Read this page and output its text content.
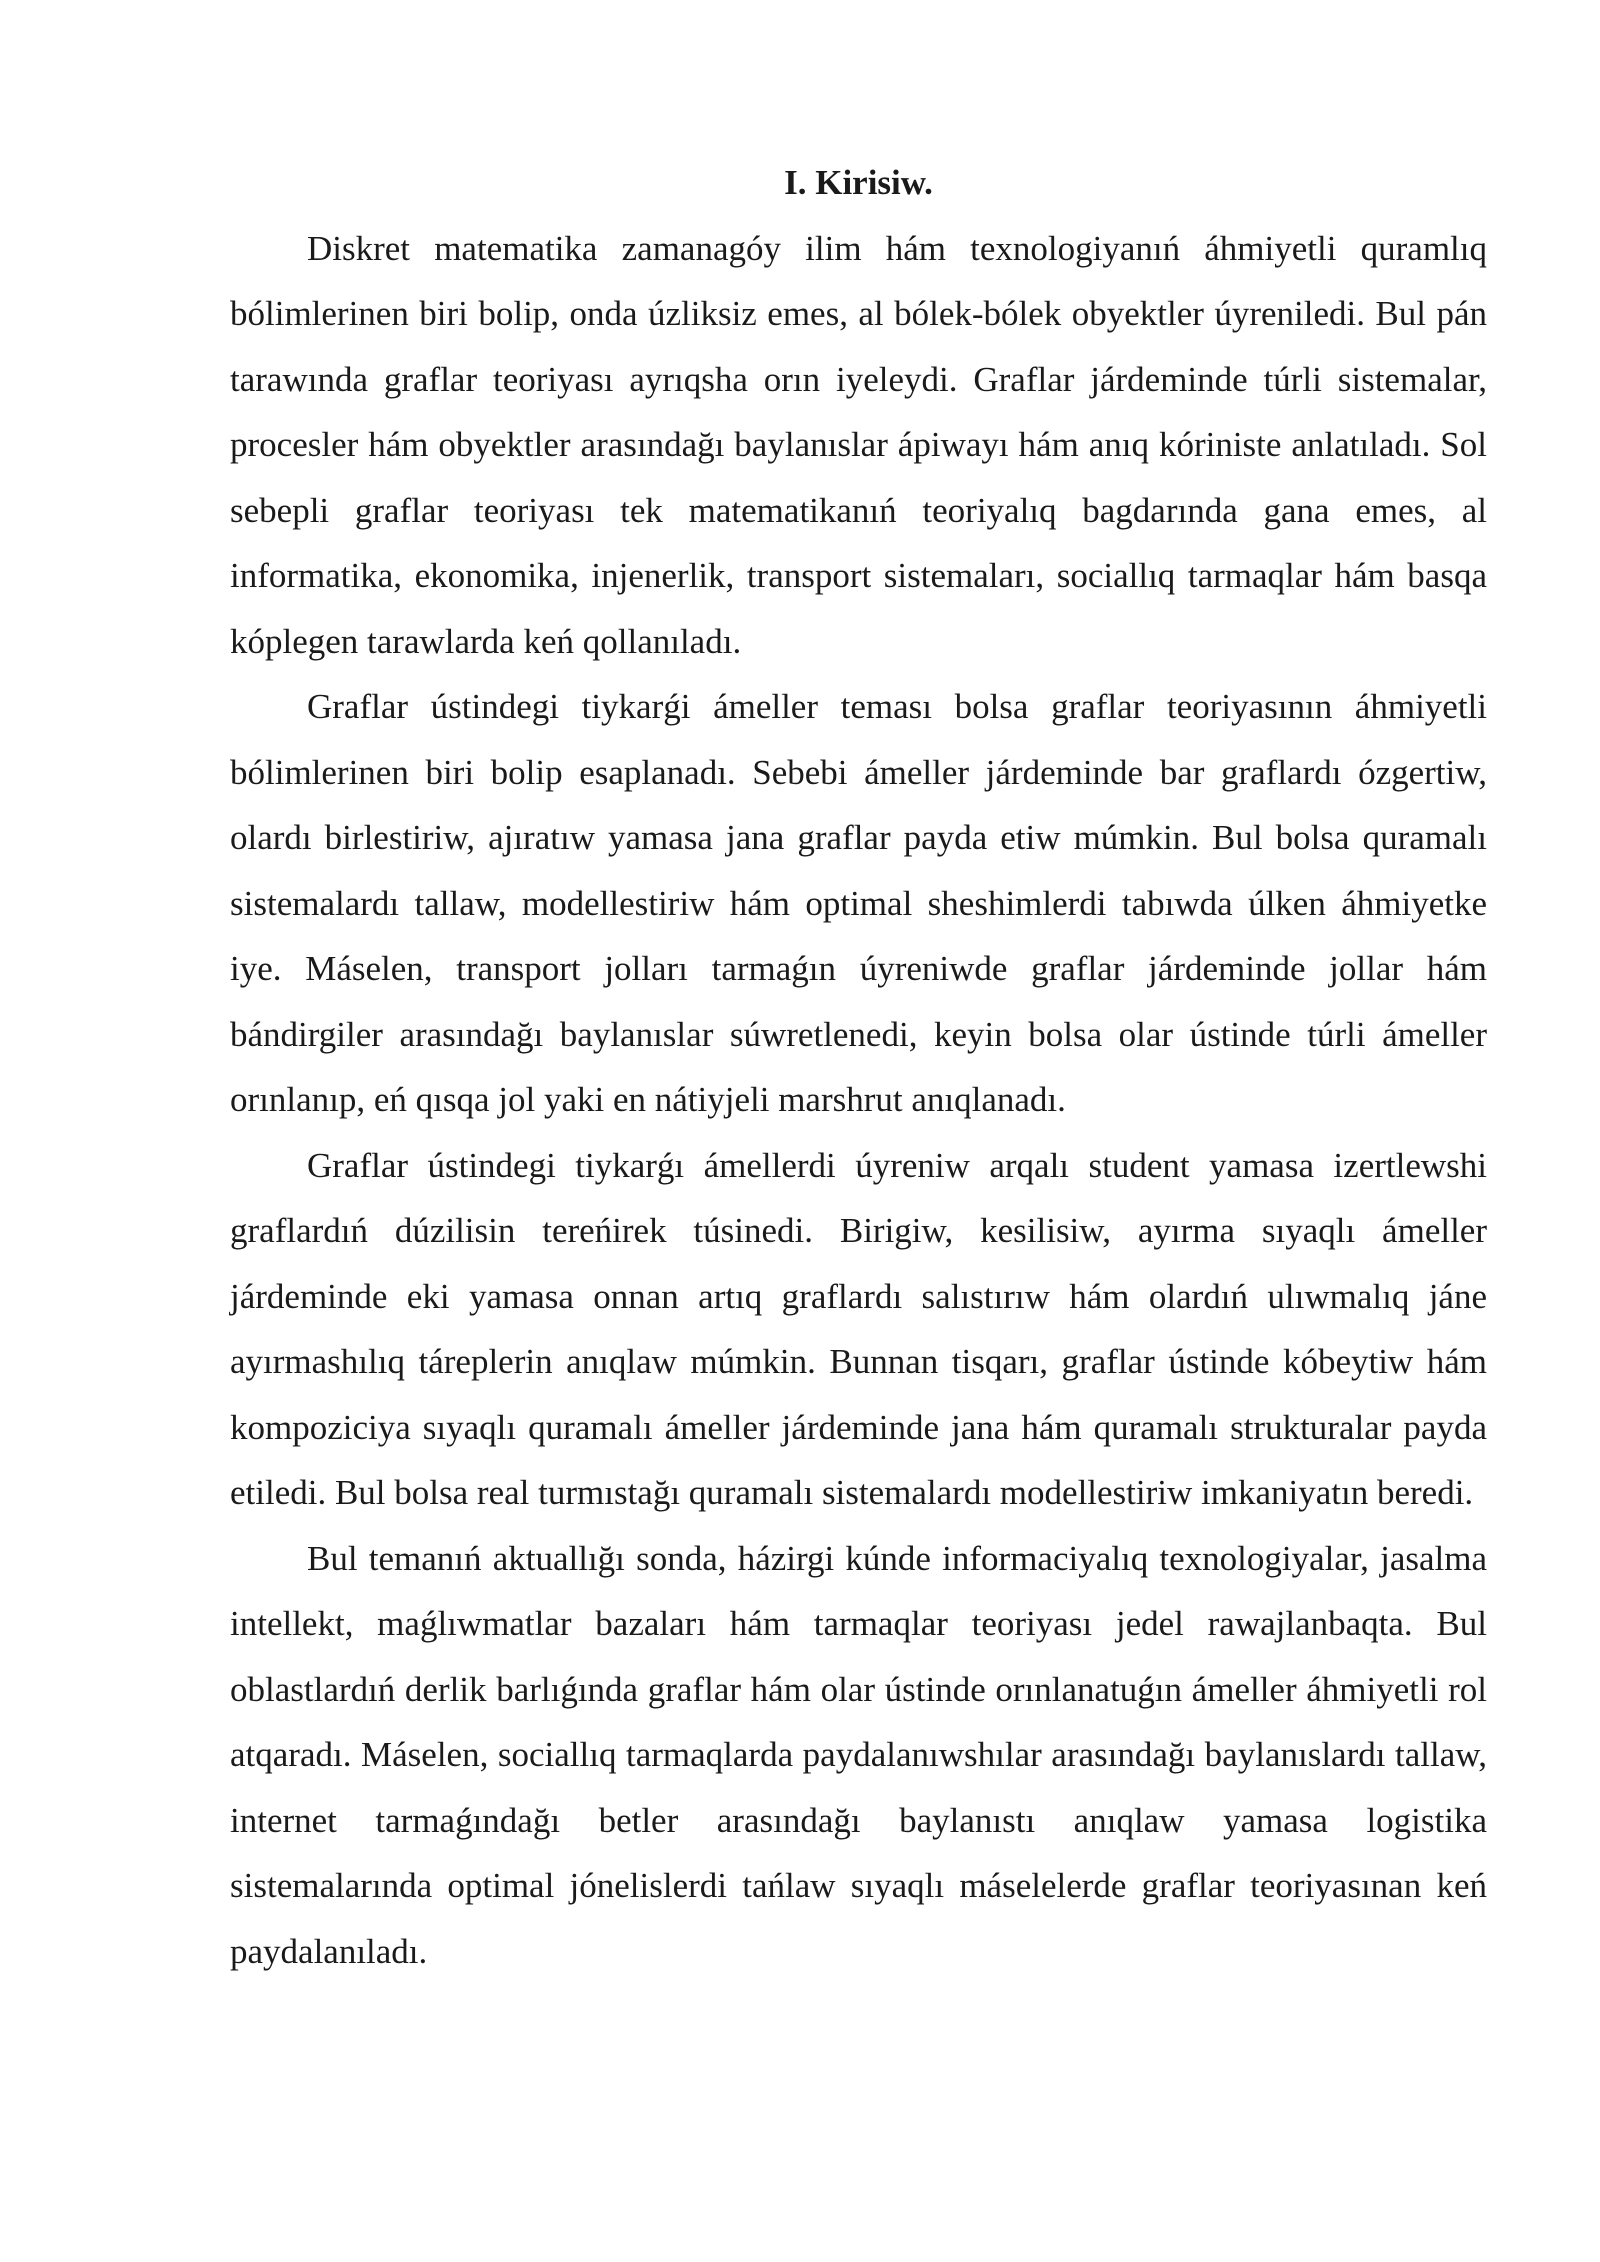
I. Kirisiw.

Diskret matematika zamanagóy ilim hám texnologiyanıń áhmiyetli quramlıq bólimlerinen biri bolip, onda úzliksiz emes, al bólek-bólek obyektler úyreniledi. Bul pán tarawında graflar teoriyası ayrıqsha orın iyeleydi. Graflar járdeminde túrli sistemalar, procesler hám obyektler arasındağı baylanıslar ápiwayı hám anıq kóriniste anlatıladı. Sol sebepli graflar teoriyası tek matematikanıń teoriyalıq bagdarında gana emes, al informatika, ekonomika, injenerlik, transport sistemaları, sociallıq tarmaqlar hám basqa kóplegen tarawlarda keń qollanıladı.

Graflar ústindegi tiykarǵi ámeller teması bolsa graflar teoriyasının áhmiyetli bólimlerinen biri bolip esaplanadı. Sebebi ámeller járdeminde bar graflardı ózgertiw, olardı birlestiriw, ajıratıw yamasa jana graflar payda etiw múmkin. Bul bolsa quramalı sistemalardı tallaw, modellestiriw hám optimal sheshimlerdi tabıwda úlken áhmiyetke iye. Máselen, transport jolları tarmaǵın úyreniwde graflar járdeminde jollar hám bándirgiler arasındağı baylanıslar súwretlenedi, keyin bolsa olar ústinde túrli ámeller orınlanıp, eń qısqa jol yaki en nátiyjeli marshrut anıqlanadı.

Graflar ústindegi tiykarǵı ámellerdi úyreniw arqalı student yamasa izertlewshi graflardıń dúzilisin tereńirek túsinedi. Birigiw, kesilisiw, ayırma sıyaqlı ámeller járdeminde eki yamasa onnan artıq graflardı salıstırıw hám olardıń ulıwmalıq jáne ayırmashılıq táreplerin anıqlaw múmkin. Bunnan tisqarı, graflar ústinde kóbeytiw hám kompoziciya sıyaqlı quramalı ámeller járdeminde jana hám quramalı strukturalar payda etiledi. Bul bolsa real turmıstağı quramalı sistemalardı modellestiriw imkaniyatın beredi.

Bul temanıń aktuallığı sonda, házirgi kúnde informaciyalıq texnologiyalar, jasalma intellekt, maǵlıwmatlar bazaları hám tarmaqlar teoriyası jedel rawajlanbaqta. Bul oblastlardıń derlik barlıǵında graflar hám olar ústinde orınlanatuǵın ámeller áhmiyetli rol atqaradı. Máselen, sociallıq tarmaqlarda paydalanıwshılar arasındağı baylanıslardı tallaw, internet tarmaǵındağı betler arasındağı baylanıstı anıqlaw yamasa logistika sistemalarında optimal jónelislerdi tańlaw sıyaqlı máselelerde graflar teoriyasınan keń paydalanıladı.
